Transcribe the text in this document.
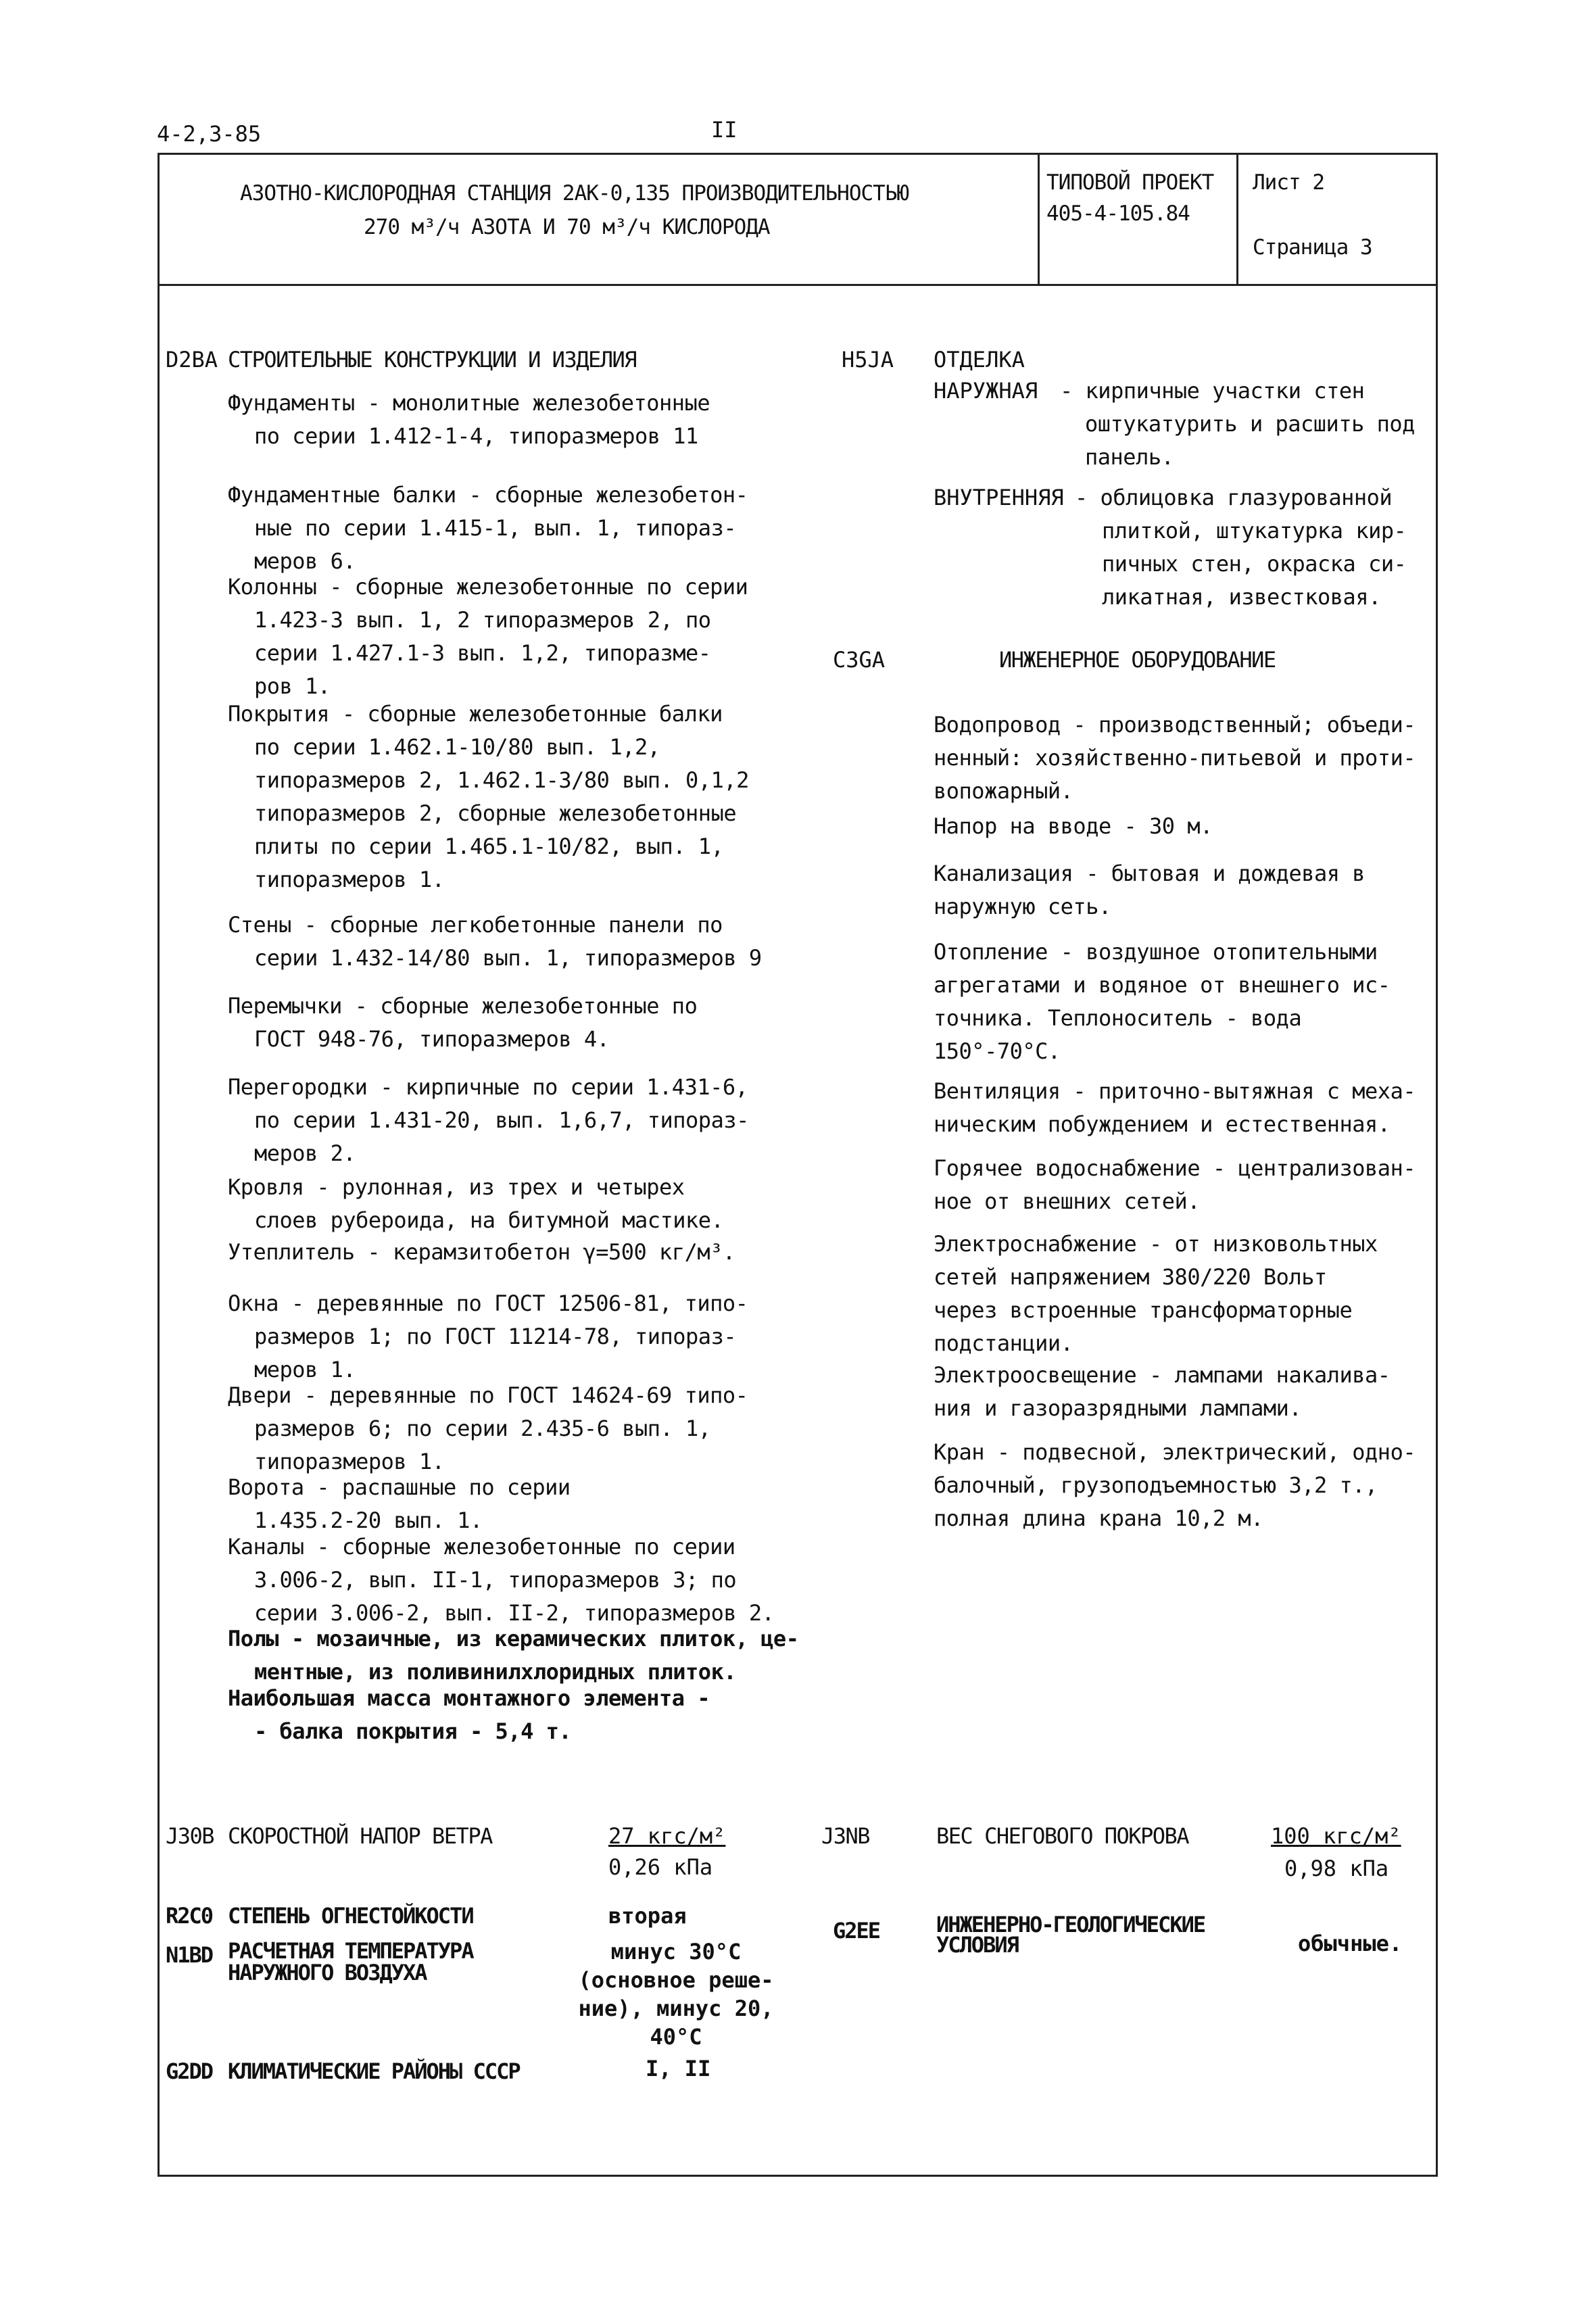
4-2,3-85	II
АЗОТНО-КИСЛОРОДНАЯ СТАНЦИЯ 2АК-0,135 ПРОИЗВОДИТЕЛЬНОСТЬЮ
270 м³/ч АЗОТА И 70 м³/ч КИСЛОРОДА
ТИПОВОЙ ПРОЕКТ
405-4-105.84
Лист 2
Страница 3
D2BA СТРОИТЕЛЬНЫЕ КОНСТРУКЦИИ И ИЗДЕЛИЯ
Фундаменты - монолитные железобетонные
по серии 1.412-1-4, типоразмеров 11
Фундаментные балки - сборные железобетон-
ные по серии 1.415-1, вып. 1, типораз-
меров 6.
Колонны - сборные железобетонные по серии
1.423-3 вып. 1, 2 типоразмеров 2, по
серии 1.427.1-3 вып. 1,2, типоразме-
ров 1.
Покрытия - сборные железобетонные балки
по серии 1.462.1-10/80 вып. 1,2,
типоразмеров 2, 1.462.1-3/80 вып. 0,1,2
типоразмеров 2, сборные железобетонные
плиты по серии 1.465.1-10/82, вып. 1,
типоразмеров 1.
Стены - сборные легкобетонные панели по
серии 1.432-14/80 вып. 1, типоразмеров 9
Перемычки - сборные железобетонные по
ГОСТ 948-76, типоразмеров 4.
Перегородки - кирпичные по серии 1.431-6,
по серии 1.431-20, вып. 1,6,7, типораз-
меров 2.
Кровля - рулонная, из трех и четырех
слоев рубероида, на битумной мастике.
Утеплитель - керамзитобетон γ=500 кг/м³.
Окна - деревянные по ГОСТ 12506-81, типо-
размеров 1; по ГОСТ 11214-78, типораз-
меров 1.
Двери - деревянные по ГОСТ 14624-69 типо-
размеров 6; по серии 2.435-6 вып. 1,
типоразмеров 1.
Ворота - распашные по серии
1.435.2-20 вып. 1.
Каналы - сборные железобетонные по серии
3.006-2, вып. II-1, типоразмеров 3; по
серии 3.006-2, вып. II-2, типоразмеров 2.
Полы - мозаичные, из керамических плиток, це-
ментные, из поливинилхлоридных плиток.
Наибольшая масса монтажного элемента -
- балка покрытия - 5,4 т.
H5JA ОТДЕЛКА
НАРУЖНАЯ - кирпичные участки стен
оштукатурить и расшить под
панель.
ВНУТРЕННЯЯ - облицовка глазурованной
плиткой, штукатурка кир-
пичных стен, окраска си-
ликатная, известковая.
C3GA	ИНЖЕНЕРНОЕ ОБОРУДОВАНИЕ
Водопровод - производственный; объеди-
ненный: хозяйственно-питьевой и проти-
вопожарный.
Напор на вводе - 30 м.
Канализация - бытовая и дождевая в
наружную сеть.
Отопление - воздушное отопительными
агрегатами и водяное от внешнего ис-
точника. Теплоноситель - вода
150°-70°С.
Вентиляция - приточно-вытяжная с меха-
ническим побуждением и естественная.
Горячее водоснабжение - централизован-
ное от внешних сетей.
Электроснабжение - от низковольтных
сетей напряжением 380/220 Вольт
через встроенные трансформаторные
подстанции.
Электроосвещение - лампами накалива-
ния и газоразрядными лампами.
Кран - подвесной, электрический, одно-
балочный, грузоподъемностью 3,2 т.,
полная длина крана 10,2 м.
J30B СКОРОСТНОЙ НАПОР ВЕТРА	27 кгс/м²
0,26 кПа
J3NB	ВЕС СНЕГОВОГО ПОКРОВА	100 кгс/м²
0,98 кПа
R2C0 СТЕПЕНЬ ОГНЕСТОЙКОСТИ	вторая
G2EE	ИНЖЕНЕРНО-ГЕОЛОГИЧЕСКИЕ
УСЛОВИЯ	обычные.
N1BD РАСЧЕТНАЯ ТЕМПЕРАТУРА
НАРУЖНОГО ВОЗДУХА
минус 30°С (основное реше-ние), минус 20, 40°С
G2DD КЛИМАТИЧЕСКИЕ РАЙОНЫ СССР	I, II
